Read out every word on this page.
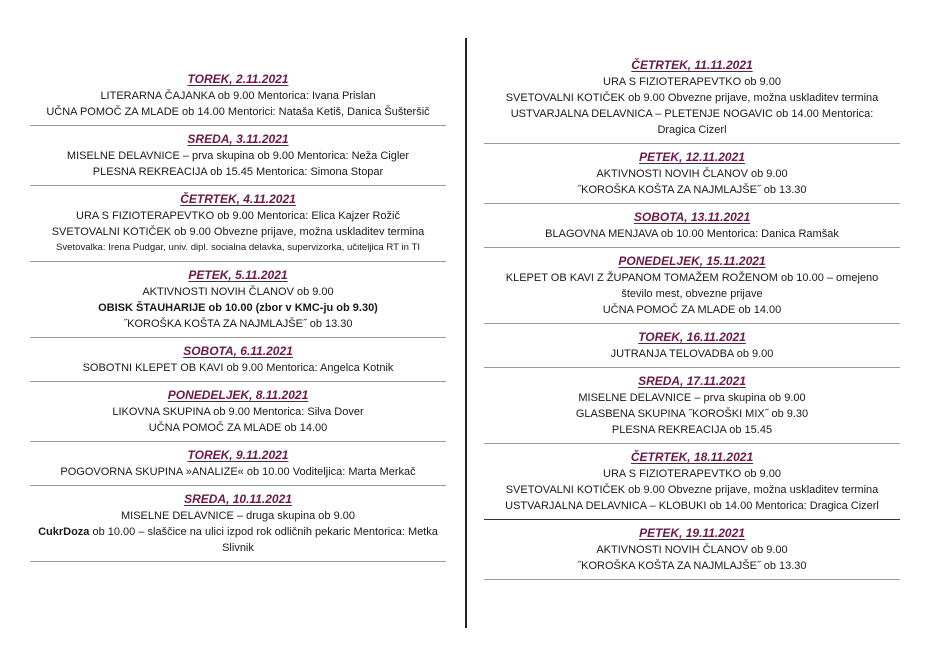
TOREK, 2.11.2021
LITERARNA ČAJANKA ob 9.00 Mentorica: Ivana Prislan
UČNA POMOČ ZA MLADE ob 14.00 Mentorici: Nataša Ketiš, Danica Šušteršič
SREDA, 3.11.2021
MISELNE DELAVNICE – prva skupina ob 9.00 Mentorica: Neža Cigler
PLESNA REKREACIJA ob 15.45 Mentorica: Simona Stopar
ČETRTEK, 4.11.2021
URA S FIZIOTERAPEVTKO ob 9.00 Mentorica: Elica Kajzer Rožič
SVETOVALNI KOTIČEK ob 9.00 Obvezne prijave, možna uskladitev termina
Svetovalka: Irena Pudgar, univ. dipl. socialna delavka, supervizorka, učiteljica RT in TI
PETEK, 5.11.2021
AKTIVNOSTI NOVIH ČLANOV ob 9.00
OBISK ŠTAUHARIJE ob 10.00 (zbor v KMC-ju ob 9.30)
˝KOROŠKA KOŠTA ZA NAJMLAJŠE˝ ob 13.30
SOBOTA, 6.11.2021
SOBOTNI KLEPET OB KAVI ob 9.00 Mentorica: Angelca Kotnik
PONEDELJEK, 8.11.2021
LIKOVNA SKUPINA ob 9.00 Mentorica: Silva Dover
UČNA POMOČ ZA MLADE ob 14.00
TOREK, 9.11.2021
POGOVORNA SKUPINA »ANALIZE« ob 10.00 Voditeljica: Marta Merkač
SREDA, 10.11.2021
MISELNE DELAVNICE – druga skupina ob 9.00
CukrDoza ob 10.00 – slaščice na ulici izpod rok odličnih pekaric Mentorica: Metka Slivnik
ČETRTEK, 11.11.2021
URA S FIZIOTERAPEVTKO ob 9.00
SVETOVALNI KOTIČEK ob 9.00 Obvezne prijave, možna uskladitev termina
USTVARJALNA DELAVNICA – PLETENJE NOGAVIC ob 14.00 Mentorica:
Dragica Cizerl
PETEK, 12.11.2021
AKTIVNOSTI NOVIH ČLANOV ob 9.00
˝KOROŠKA KOŠTA ZA NAJMLAJŠE˝ ob 13.30
SOBOTA, 13.11.2021
BLAGOVNA MENJAVA ob 10.00 Mentorica: Danica Ramšak
PONEDELJEK, 15.11.2021
KLEPET OB KAVI Z ŽUPANOM TOMAŽEM ROŽENOM ob 10.00 – omejeno
število mest, obvezne prijave
UČNA POMOČ ZA MLADE ob 14.00
TOREK, 16.11.2021
JUTRANJA TELOVADBA ob 9.00
SREDA, 17.11.2021
MISELNE DELAVNICE – prva skupina ob 9.00
GLASBENA SKUPINA ˝KOROŠKI MIX˝ ob 9.30
PLESNA REKREACIJA ob 15.45
ČETRTEK, 18.11.2021
URA S FIZIOTERAPEVTKO ob 9.00
SVETOVALNI KOTIČEK ob 9.00 Obvezne prijave, možna uskladitev termina
USTVARJALNA DELAVNICA – KLOBUKI ob 14.00 Mentorica: Dragica Cizerl
PETEK, 19.11.2021
AKTIVNOSTI NOVIH ČLANOV ob 9.00
˝KOROŠKA KOŠTA ZA NAJMLAJŠE˝ ob 13.30
